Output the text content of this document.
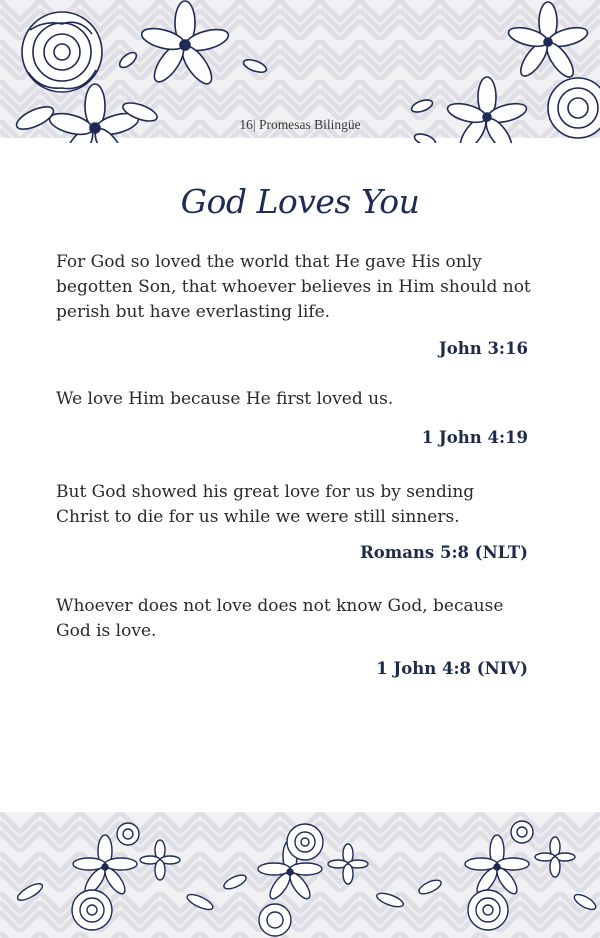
16| Promesas Bilingüe
God Loves You
For God so loved the world that He gave His only begotten Son, that whoever believes in Him should not perish but have everlasting life.
John 3:16
We love Him because He first loved us.
1 John 4:19
But God showed his great love for us by sending Christ to die for us while we were still sinners.
Romans 5:8 (NLT)
Whoever does not love does not know God, because God is love.
1 John 4:8 (NIV)
